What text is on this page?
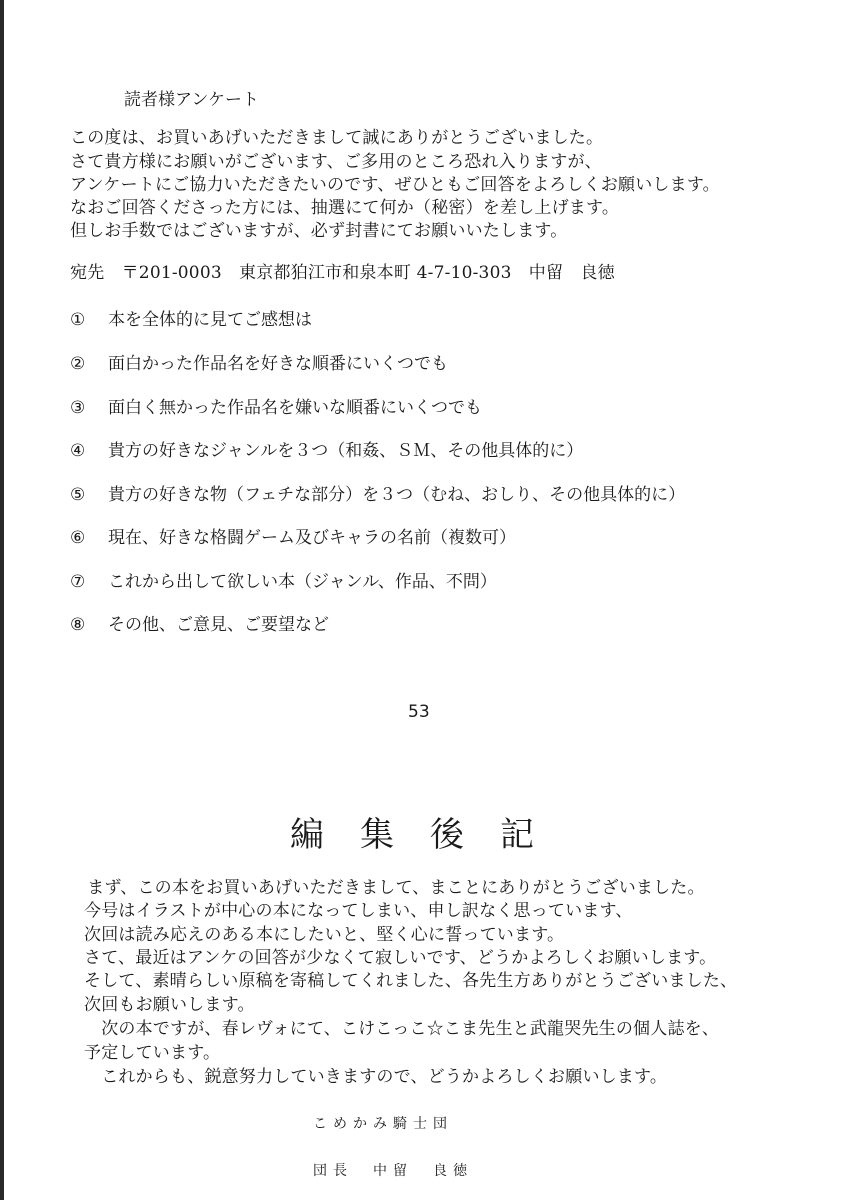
読者様アンケート
この度は、お買いあげいただきまして誠にありがとうございました。
さて貴方様にお願いがございます、ご多用のところ恐れ入りますが、
アンケートにご協力いただきたいのです、ぜひともご回答をよろしくお願いします。
なおご回答くださった方には、抽選にて何か（秘密）を差し上げます。
但しお手数ではございますが、必ず封書にてお願いいたします。
宛先　〒201-0003　東京都狛江市和泉本町 4-7-10-303　中留　良徳
① 本を全体的に見てご感想は
② 面白かった作品名を好きな順番にいくつでも
③ 面白く無かった作品名を嫌いな順番にいくつでも
④ 貴方の好きなジャンルを３つ（和姦、ＳＭ、その他具体的に）
⑤ 貴方の好きな物（フェチな部分）を３つ（むね、おしり、その他具体的に）
⑥ 現在、好きな格闘ゲーム及びキャラの名前（複数可）
⑦ これから出して欲しい本（ジャンル、作品、不問）
⑧ その他、ご意見、ご要望など
53
編集後記
　まず、この本をお買いあげいただきまして、まことにありがとうございました。
今号はイラストが中心の本になってしまい、申し訳なく思っています、
次回は読み応えのある本にしたいと、堅く心に誓っています。
さて、最近はアンケの回答が少なくて寂しいです、どうかよろしくお願いします。
そして、素晴らしい原稿を寄稿してくれました、各先生方ありがとうございました、
次回もお願いします。
　次の本ですが、春レヴォにて、こけこっこ☆こま先生と武龍哭先生の個人誌を、
予定しています。
　これからも、鋭意努力していきますので、どうかよろしくお願いします。
こめかみ騎士団
団長　中留　良徳
